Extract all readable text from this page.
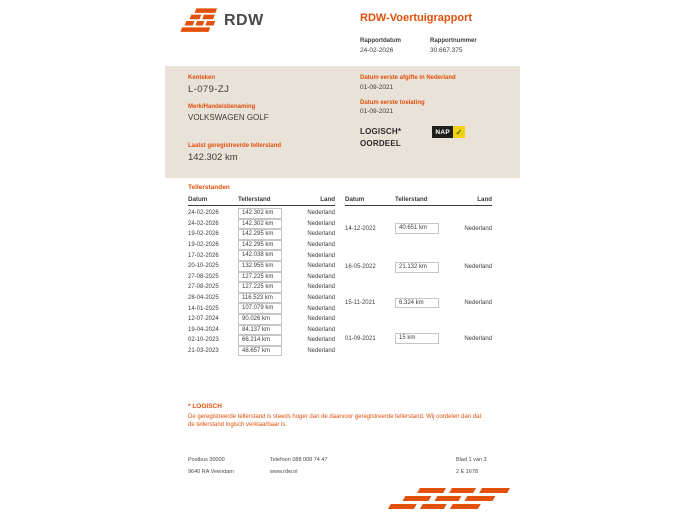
RDW	RDW-Voertuigrapport
Rapportdatum
24-02-2026
Rapportnummer
30.667.375
Kenteken
L-079-ZJ
Merk/Handelsbenaming
VOLKSWAGEN GOLF
Laatst geregistreerde tellerstand
142.302 km
Datum eerste afgifte in Nederland
01-09-2021
Datum eerste toelating
01-09-2021
LOGISCH*
OORDEEL
NAP ✓
Tellerstanden
Datum	Tellerstand	Land
24-02-2026	142.302 km	Nederland
24-02-2026	142.302 km	Nederland
19-02-2026	142.295 km	Nederland
19-02-2026	142.295 km	Nederland
17-02-2026	142.038 km	Nederland
20-10-2025	132.955 km	Nederland
27-08-2025	127.225 km	Nederland
27-08-2025	127.225 km	Nederland
28-04-2025	116.523 km	Nederland
14-01-2025	107.079 km	Nederland
12-07-2024	90.026 km	Nederland
19-04-2024	84.137 km	Nederland
02-10-2023	66.214 km	Nederland
21-03-2023	48.657 km	Nederland
Datum	Tellerstand	Land
14-12-2022	40.651 km	Nederland
16-05-2022	21.132 km	Nederland
15-11-2021	6.324 km	Nederland
01-09-2021	15 km	Nederland
* LOGISCH

De geregistreerde tellerstand is steeds hoger dan de daarvoor geregistreerde tellerstand. Wij oordelen dan dat de tellerstand logisch verklaarbaar is.

Postbus 30000
9640 RA Veendam
Telefoon 088 008 74 47
www.rdw.nl
Blad 1 van 3
2 E 1678
